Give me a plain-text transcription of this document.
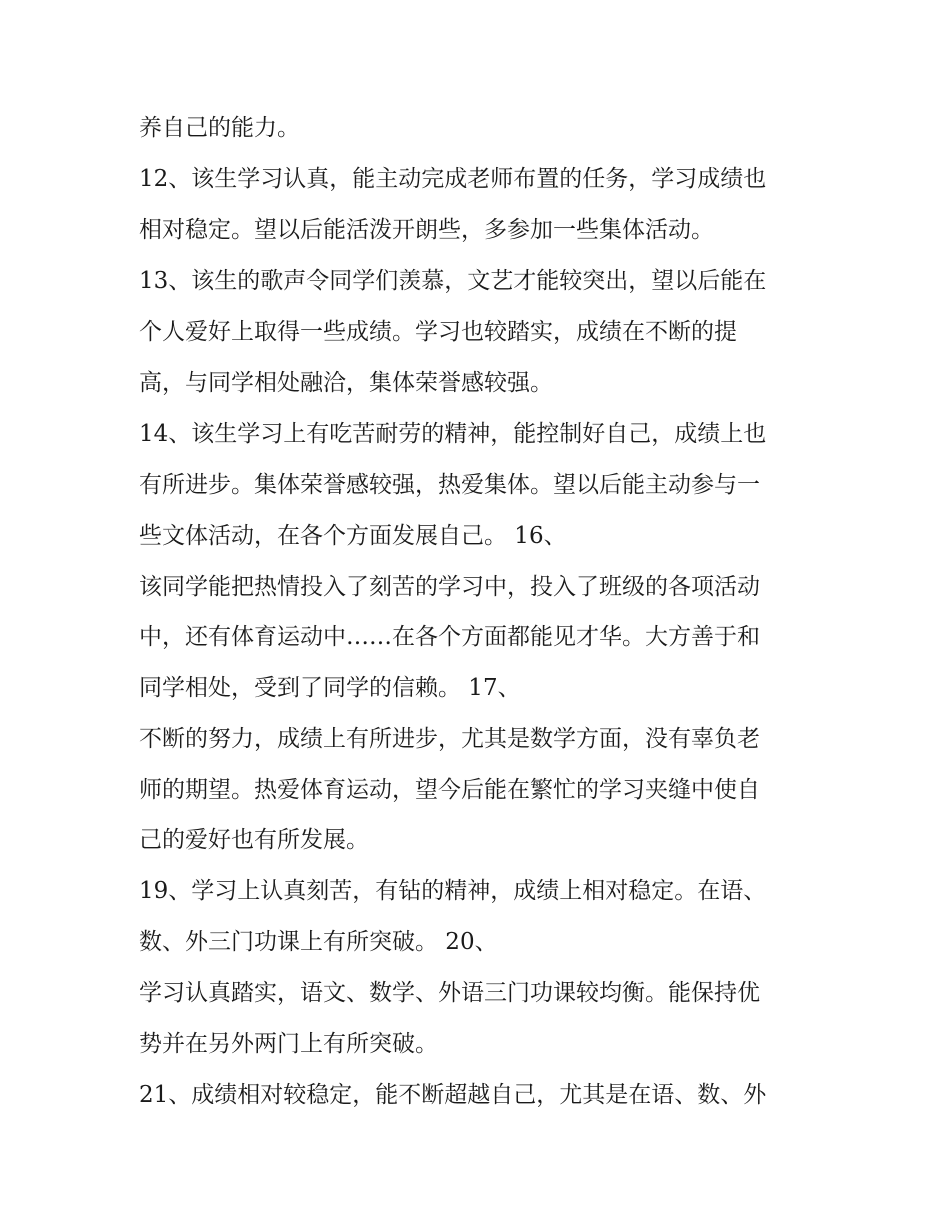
养自己的能力。

12、该生学习认真，能主动完成老师布置的任务，学习成绩也

相对稳定。望以后能活泼开朗些，多参加一些集体活动。

13、该生的歌声令同学们羡慕，文艺才能较突出，望以后能在

个人爱好上取得一些成绩。学习也较踏实，成绩在不断的提

高，与同学相处融洽，集体荣誉感较强。

14、该生学习上有吃苦耐劳的精神，能控制好自己，成绩上也

有所进步。集体荣誉感较强，热爱集体。望以后能主动参与一

些文体活动，在各个方面发展自己。 16、

该同学能把热情投入了刻苦的学习中，投入了班级的各项活动

中，还有体育运动中……在各个方面都能见才华。大方善于和

同学相处，受到了同学的信赖。 17、

不断的努力，成绩上有所进步，尤其是数学方面，没有辜负老

师的期望。热爱体育运动，望今后能在繁忙的学习夹缝中使自

己的爱好也有所发展。

19、学习上认真刻苦，有钻的精神，成绩上相对稳定。在语、

数、外三门功课上有所突破。 20、

学习认真踏实，语文、数学、外语三门功课较均衡。能保持优

势并在另外两门上有所突破。

21、成绩相对较稳定，能不断超越自己，尤其是在语、数、外
